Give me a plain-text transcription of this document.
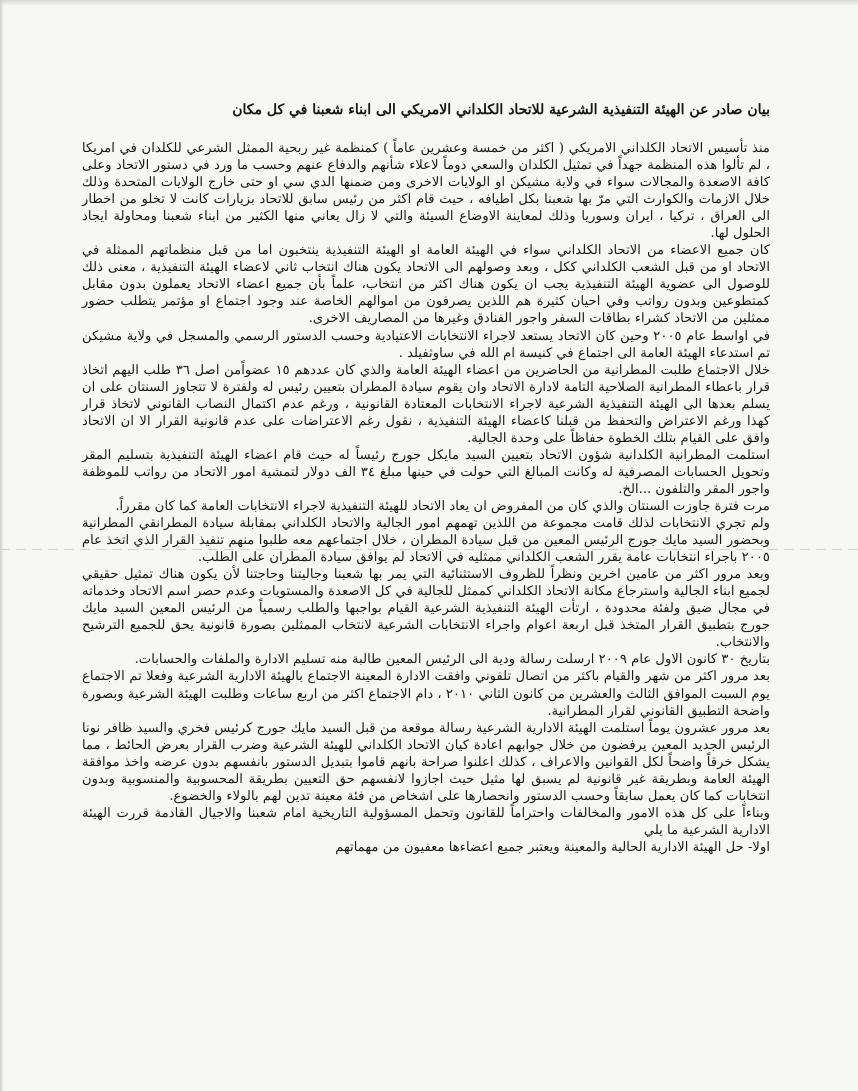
بيان صادر عن الهيئة التنفيذية الشرعية للاتحاد الكلداني الامريكي الى ابناء شعبنا في كل مكان

منذ تأسيس الاتحاد الكلداني الامريكي ( اكثر من خمسة وعشرين عاماً ) كمنظمة غير ربحية الممثل الشرعي للكلدان في امريكا ، لم تألوا هذه المنظمة جهداً في تمثيل الكلدان والسعي دوماً لاعلاء شأنهم والدفاع عنهم وحسب ما ورد في دستور الاتحاد وعلى كافة الاصعدة والمجالات سواء في ولاية مشيكن او الولايات الاخرى ومن ضمنها الدي سي او حتى خارج الولايات المتحدة وذلك خلال الازمات والكوارث التي مرّ بها شعبنا بكل اطيافه ، حيث قام اكثر من رئيس سابق للاتحاد بزيارات كانت لا تخلو من اخطار الى العراق ، تركيا ، ايران وسوريا وذلك لمعاينة الاوضاع السيئة والتي لا زال يعاني منها الكثير من ابناء شعبنا ومحاولة ايجاد الحلول لها.

كان جميع الاعضاء من الاتحاد الكلداني سواء في الهيئة العامة او الهيئة التنفيذية ينتخبون اما من قبل منظماتهم الممثلة في الاتحاد او من قبل الشعب الكلداني ككل ، وبعد وصولهم الى الاتحاد يكون هناك انتخاب ثاني لاعضاء الهيئة التنفيذية ، معنى ذلك للوصول الى عضوية الهيئة التنفيذية يجب ان يكون هناك اكثر من انتخاب، علماً بأن جميع اعضاء الاتحاد يعملون بدون مقابل كمتطوعين وبدون رواتب وفي احيان كثيرة هم اللذين يصرفون من اموالهم الخاصة عند وجود اجتماع او مؤتمر يتطلب حضور ممثلين من الاتحاد كشراء بطاقات السفر واجور الفنادق وغيرها من المصاريف الاخرى.

في اواسط عام ٢٠٠٥ وحين كان الاتحاد يستعد لاجراء الانتخابات الاعتيادية وحسب الدستور الرسمي والمسجل في ولاية مشيكن تم استدعاء الهيئة العامة الى اجتماع في كنيسة ام الله في ساوثفيلد .

خلال الاجتماع طلبت المطرانية من الحاضرين من اعضاء الهيئة العامة والذي كان عددهم ١٥ عضواًمن اصل ٣٦ طلب اليهم اتخاذ قرار باعطاء المطرانية الصلاحية التامة لادارة الاتحاد وان يقوم سيادة المطران بتعيين رئيس له ولفترة لا تتجاوز السنتان على ان يسلم بعدها الى الهيئة التنفيذية الشرعية لاجراء الانتخابات المعتادة القانونية ، ورغم عدم اكتمال النصاب القانوني لاتخاذ قرار كهذا ورغم الاعتراض والتحفظ من قبلنا كاعضاء الهيئة التنفيذية ، نقول رغم الاعتراضات على عدم قانونية القرار الا ان الاتحاد وافق على القيام بتلك الخطوة حفاظاً على وحدة الجالية.

استلمت المطرانية الكلدانية شؤون الاتحاد بتعيين السيد مايكل جورج رئيساً له حيث قام اعضاء الهيئة التنفيذية بتسليم المقر وتحويل الحسابات المصرفية له وكانت المبالغ التي حولت في حينها مبلغ ٣٤ الف دولار لتمشية امور الاتحاد من رواتب للموظفة واجور المقر والتلفون ...الخ.

مرت فترة جاوزت السنتان والذي كان من المفروض ان يعاد الاتحاد للهيئة التنفيذية لاجراء الانتخابات العامة كما كان مقرراً.

ولم تجري الانتخابات لذلك قامت مجموعة من اللذين تهمهم امور الجالية والاتحاد الكلداني بمقابلة سيادة المطرانقي المطرانية وبحضور السيد مايك جورج الرئيس المعين من قبل سيادة المطران ، خلال اجتماعهم معه طلبوا منهم تنفيذ القرار الذي اتخذ عام ٢٠٠٥ باجراء انتخابات عامة يقرر الشعب الكلداني ممثليه في الاتحاد لم يوافق سيادة المطران على الطلب.

وبعد مرور اكثر من عامين اخرين ونظراً للظروف الاستثنائية التي يمر بها شعبنا وجاليتنا وحاجتنا لأن يكون هناك تمثيل حقيقي لجميع ابناء الجالية واسترجاع مكانة الاتحاد الكلداني كممثل للجالية في كل الاصعدة والمستويات وعدم حصر اسم الاتحاد وخدماته في مجال ضيق ولفئة محدودة ، ارتأت الهيئة التنفيذية الشرعية القيام بواجبها والطلب رسمياً من الرئيس المعين السيد مايك جورج بتطبيق القرار المتخذ قبل اربعة اعوام واجراء الانتخابات الشرعية لانتخاب الممثلين بصورة قانونية يحق للجميع الترشيح والانتخاب.

بتاريخ ٣٠ كانون الاول عام ٢٠٠٩ ارسلت رسالة ودية الى الرئيس المعين طالبة منه تسليم الادارة والملفات والحسابات.

بعد مرور اكثر من شهر والقيام باكثر من اتصال تلفوني وافقت الادارة المعينة الاجتماع بالهيئة الادارية الشرعية وفعلا تم الاجتماع يوم السبت الموافق الثالث والعشرين من كانون الثاني ٢٠١٠ ، دام الاجتماع اكثر من اربع ساعات وطلبت الهيئة الشرعية وبصورة واضحة التطبيق القانوني لقرار المطرانية.

بعد مرور عشرون يوماً استلمت الهيئة الادارية الشرعية رسالة موقعة من قبل السيد مايك جورج كرئيس فخري والسيد ظافر نونا الرئيس الجديد المعين يرفضون من خلال جوابهم اعادة كيان الاتحاد الكلداني للهيئة الشرعية وضرب القرار بعرض الحائط ، مما يشكل خرقاً واضحاً لكل القوانين والاعراف ، كذلك اعلنوا صراحة بانهم قاموا بتبديل الدستور بانفسهم بدون عرضه واخذ موافقة الهيئة العامة وبطريقة غير قانونية لم يسبق لها مثيل حيث اجازوا لانفسهم حق التعيين بطريقة المحسوبية والمنسوبية وبدون انتخابات كما كان يعمل سابقاً وحسب الدستور وانحصارها على اشخاص من فئة معينة تدين لهم بالولاء والخضوع.

وبناءاً على كل هذه الامور والمخالفات واحتراماً للقانون وتحمل المسؤولية التاريخية امام شعبنا والاجيال القادمة قررت الهيئة الادارية الشرعية ما يلي

اولا- حل الهيئة الادارية الحالية والمعينة ويعتبر جميع اعضاءها معفيون من مهماتهم
